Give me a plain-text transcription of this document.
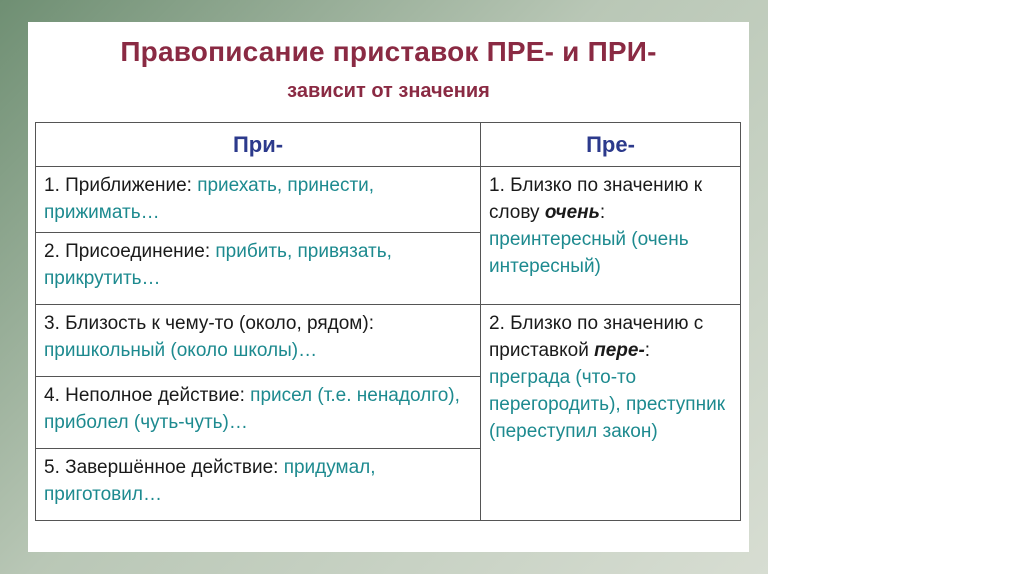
Правописание приставок ПРЕ- и ПРИ-
зависит от значения
При-	Пре-
1. Приближение: приехать, принести, прижимать…	1. Близко по значению к слову очень: преинтересный (очень интересный)
2. Присоединение: прибить, привязать, прикрутить…	
3. Близость к чему-то (около, рядом): пришкольный (около школы)…	2. Близко по значению с приставкой пере-: преграда (что-то перегородить), преступник (переступил закон)
4. Неполное действие: присел (т.е. ненадолго), приболел (чуть-чуть)…	
5. Завершённое действие: придумал, приготовил…	
